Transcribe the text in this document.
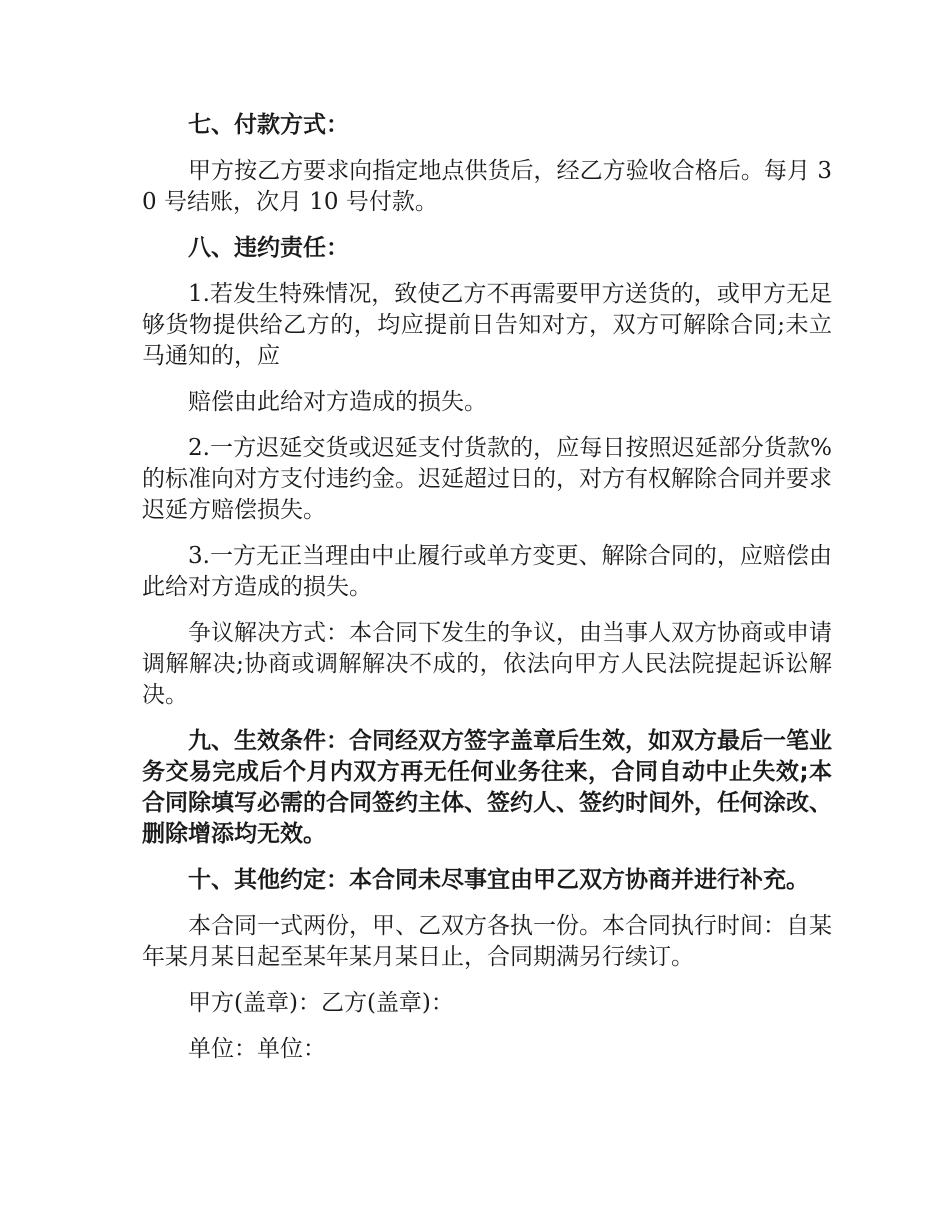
七、付款方式：

甲方按乙方要求向指定地点供货后，经乙方验收合格后。每月 30 号结账，次月 10 号付款。

八、违约责任：

1.若发生特殊情况，致使乙方不再需要甲方送货的，或甲方无足够货物提供给乙方的，均应提前日告知对方，双方可解除合同;未立马通知的，应

赔偿由此给对方造成的损失。

2.一方迟延交货或迟延支付货款的，应每日按照迟延部分货款%的标准向对方支付违约金。迟延超过日的，对方有权解除合同并要求迟延方赔偿损失。

3.一方无正当理由中止履行或单方变更、解除合同的，应赔偿由此给对方造成的损失。

争议解决方式：本合同下发生的争议，由当事人双方协商或申请调解解决;协商或调解解决不成的，依法向甲方人民法院提起诉讼解决。

九、生效条件：合同经双方签字盖章后生效，如双方最后一笔业务交易完成后个月内双方再无任何业务往来，合同自动中止失效;本合同除填写必需的合同签约主体、签约人、签约时间外，任何涂改、删除增添均无效。

十、其他约定：本合同未尽事宜由甲乙双方协商并进行补充。

本合同一式两份，甲、乙双方各执一份。本合同执行时间：自某年某月某日起至某年某月某日止，合同期满另行续订。

甲方(盖章)：乙方(盖章)：

单位：单位：
